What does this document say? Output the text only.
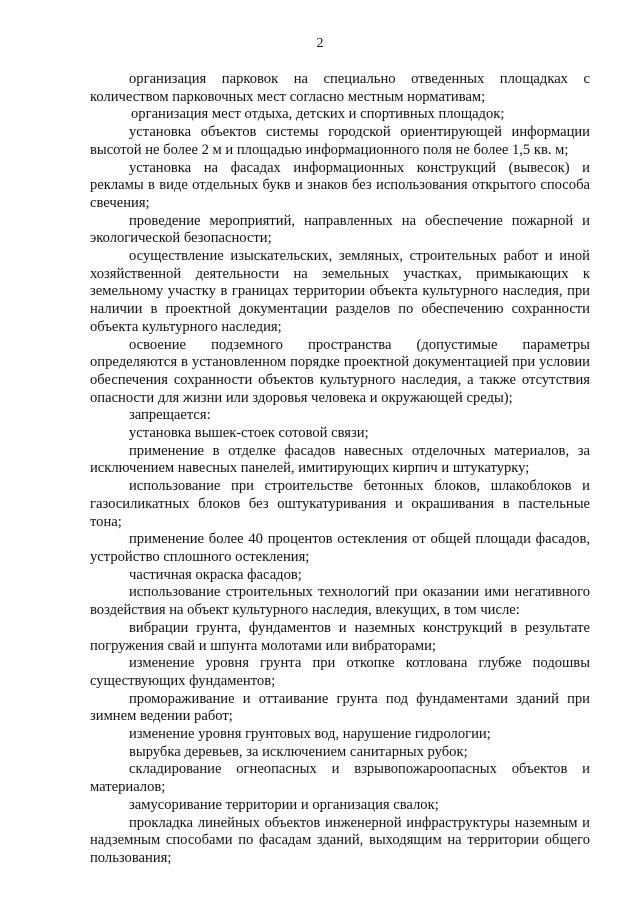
2

организация парковок на специально отведенных площадках с количеством парковочных мест согласно местным нормативам;

организация мест отдыха, детских и спортивных площадок;

установка объектов системы городской ориентирующей информации высотой не более 2 м и площадью информационного поля не более 1,5 кв. м;

установка на фасадах информационных конструкций (вывесок) и рекламы в виде отдельных букв и знаков без использования открытого способа свечения;

проведение мероприятий, направленных на обеспечение пожарной и экологической безопасности;

осуществление изыскательских, земляных, строительных работ и иной хозяйственной деятельности на земельных участках, примыкающих к земельному участку в границах территории объекта культурного наследия, при наличии в проектной документации разделов по обеспечению сохранности объекта культурного наследия;

освоение подземного пространства (допустимые параметры определяются в установленном порядке проектной документацией при условии обеспечения сохранности объектов культурного наследия, а также отсутствия опасности для жизни или здоровья человека и окружающей среды);

запрещается:

установка вышек-стоек сотовой связи;

применение в отделке фасадов навесных отделочных материалов, за исключением навесных панелей, имитирующих кирпич и штукатурку;

использование при строительстве бетонных блоков, шлакоблоков и газосиликатных блоков без оштукатуривания и окрашивания в пастельные тона;

применение более 40 процентов остекления от общей площади фасадов, устройство сплошного остекления;

частичная окраска фасадов;

использование строительных технологий при оказании ими негативного воздействия на объект культурного наследия, влекущих, в том числе:

вибрации грунта, фундаментов и наземных конструкций в результате погружения свай и шпунта молотами или вибраторами;

изменение уровня грунта при откопке котлована глубже подошвы существующих фундаментов;

промораживание и оттаивание грунта под фундаментами зданий при зимнем ведении работ;

изменение уровня грунтовых вод, нарушение гидрологии;

вырубка деревьев, за исключением санитарных рубок;

складирование огнеопасных и взрывопожароопасных объектов и материалов;

замусоривание территории и организация свалок;

прокладка линейных объектов инженерной инфраструктуры наземным и надземным способами по фасадам зданий, выходящим на территории общего пользования;
